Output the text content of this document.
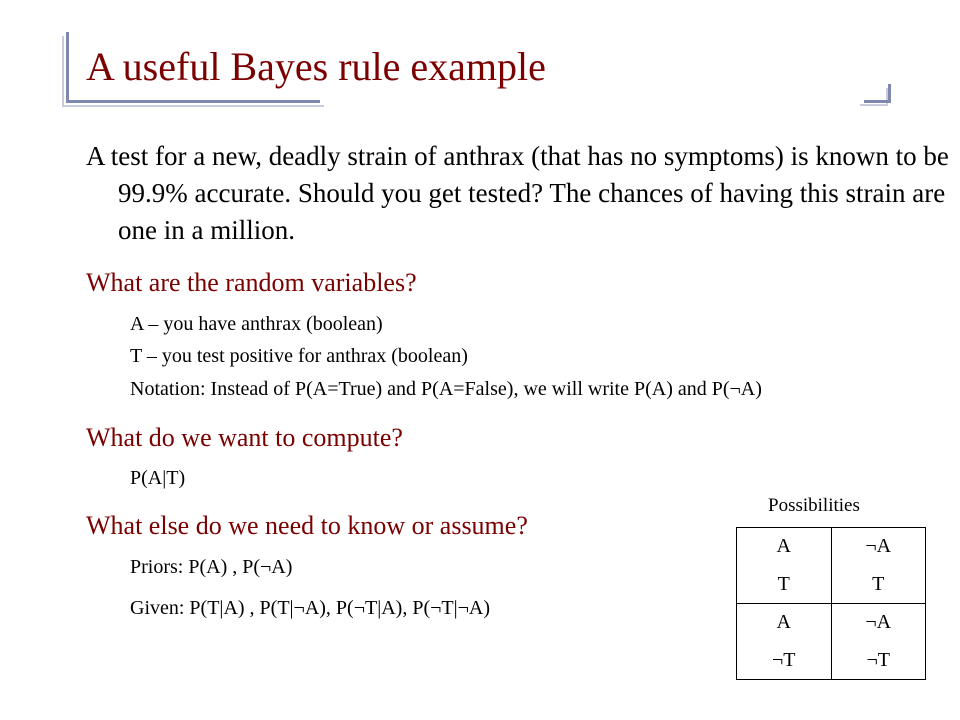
A useful Bayes rule example
A test for a new, deadly strain of anthrax (that has no symptoms) is known to be 99.9% accurate. Should you get tested? The chances of having this strain are one in a million.
What are the random variables?
A – you have anthrax (boolean)
T – you test positive for anthrax (boolean)
Notation: Instead of P(A=True) and P(A=False), we will write P(A) and P(¬A)
What do we want to compute?
P(A|T)
What else do we need to know or assume?
Priors: P(A) , P(¬A)
Given: P(T|A) , P(T|¬A), P(¬T|A), P(¬T|¬A)
Possibilities
A	¬A
T	T
A	¬A
¬T	¬T
